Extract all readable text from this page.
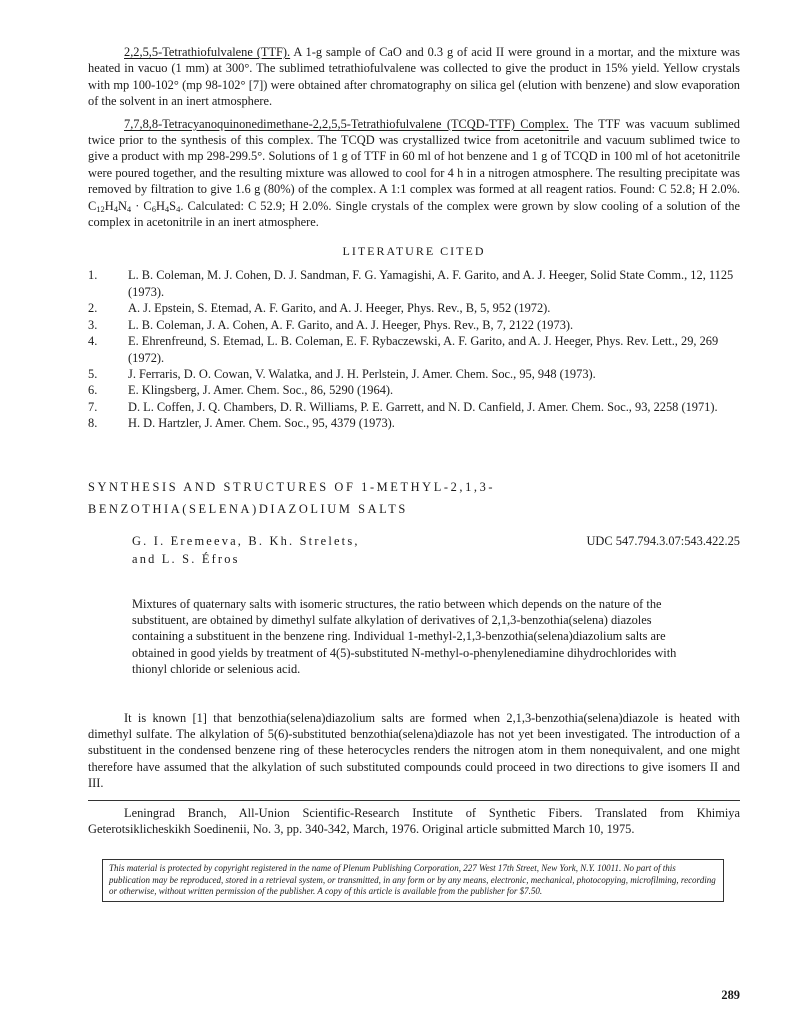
2,2,5,5-Tetrathiofulvalene (TTF). A 1-g sample of CaO and 0.3 g of acid II were ground in a mortar, and the mixture was heated in vacuo (1 mm) at 300°. The sublimed tetrathiofulvalene was collected to give the product in 15% yield. Yellow crystals with mp 100-102° (mp 98-102° [7]) were obtained after chromatography on silica gel (elution with benzene) and slow evaporation of the solvent in an inert atmosphere.

7,7,8,8-Tetracyanoquinonedimethane-2,2,5,5-Tetrathiofulvalene (TCQD-TTF) Complex. The TTF was vacuum sublimed twice prior to the synthesis of this complex. The TCQD was crystallized twice from acetonitrile and vacuum sublimed twice to give a product with mp 298-299.5°. Solutions of 1 g of TTF in 60 ml of hot benzene and 1 g of TCQD in 100 ml of hot acetonitrile were poured together, and the resulting mixture was allowed to cool for 4 h in a nitrogen atmosphere. The resulting precipitate was removed by filtration to give 1.6 g (80%) of the complex. A 1:1 complex was formed at all reagent ratios. Found: C 52.8; H 2.0%. $C_{12}H_4N_4 \cdot C_6H_4S_4$. Calculated: C 52.9; H 2.0%. Single crystals of the complex were grown by slow cooling of a solution of the complex in acetonitrile in an inert atmosphere.

LITERATURE CITED
1. L. B. Coleman, M. J. Cohen, D. J. Sandman, F. G. Yamagishi, A. F. Garito, and A. J. Heeger, Solid State Comm., 12, 1125 (1973).
2. A. J. Epstein, S. Etemad, A. F. Garito, and A. J. Heeger, Phys. Rev., B, 5, 952 (1972).
3. L. B. Coleman, J. A. Cohen, A. F. Garito, and A. J. Heeger, Phys. Rev., B, 7, 2122 (1973).
4. E. Ehrenfreund, S. Etemad, L. B. Coleman, E. F. Rybaczewski, A. F. Garito, and A. J. Heeger, Phys. Rev. Lett., 29, 269 (1972).
5. J. Ferraris, D. O. Cowan, V. Walatka, and J. H. Perlstein, J. Amer. Chem. Soc., 95, 948 (1973).
6. E. Klingsberg, J. Amer. Chem. Soc., 86, 5290 (1964).
7. D. L. Coffen, J. Q. Chambers, D. R. Williams, P. E. Garrett, and N. D. Canfield, J. Amer. Chem. Soc., 93, 2258 (1971).
8. H. D. Hartzler, J. Amer. Chem. Soc., 95, 4379 (1973).
SYNTHESIS AND STRUCTURES OF 1-METHYL-2,1,3-
BENZOTHIA(SELENA)DIAZOLIUM SALTS
G. I. Eremeeva, B. Kh. Strelets,
and L. S. Éfros
UDC 547.794.3.07:543.422.25

Mixtures of quaternary salts with isomeric structures, the ratio between which depends on the nature of the substituent, are obtained by dimethyl sulfate alkylation of derivatives of 2,1,3-benzothia(selena) diazoles containing a substituent in the benzene ring. Individual 1-methyl-2,1,3-benzothia(selena)diazolium salts are obtained in good yields by treatment of 4(5)-substituted N-methyl-o-phenylenediamine dihydrochlorides with thionyl chloride or selenious acid.

It is known [1] that benzothia(selena)diazolium salts are formed when 2,1,3-benzothia(selena)diazole is heated with dimethyl sulfate. The alkylation of 5(6)-substituted benzothia(selena)diazole has not yet been investigated. The introduction of a substituent in the condensed benzene ring of these heterocycles renders the nitrogen atom in them nonequivalent, and one might therefore have assumed that the alkylation of such substituted compounds could proceed in two directions to give isomers II and III.

Leningrad Branch, All-Union Scientific-Research Institute of Synthetic Fibers. Translated from Khimiya Geterotsiklicheskikh Soedinenii, No. 3, pp. 340-342, March, 1976. Original article submitted March 10, 1975.

This material is protected by copyright registered in the name of Plenum Publishing Corporation, 227 West 17th Street, New York, N.Y. 10011. No part of this publication may be reproduced, stored in a retrieval system, or transmitted, in any form or by any means, electronic, mechanical, photocopying, microfilming, recording or otherwise, without written permission of the publisher. A copy of this article is available from the publisher for $7.50.
289
